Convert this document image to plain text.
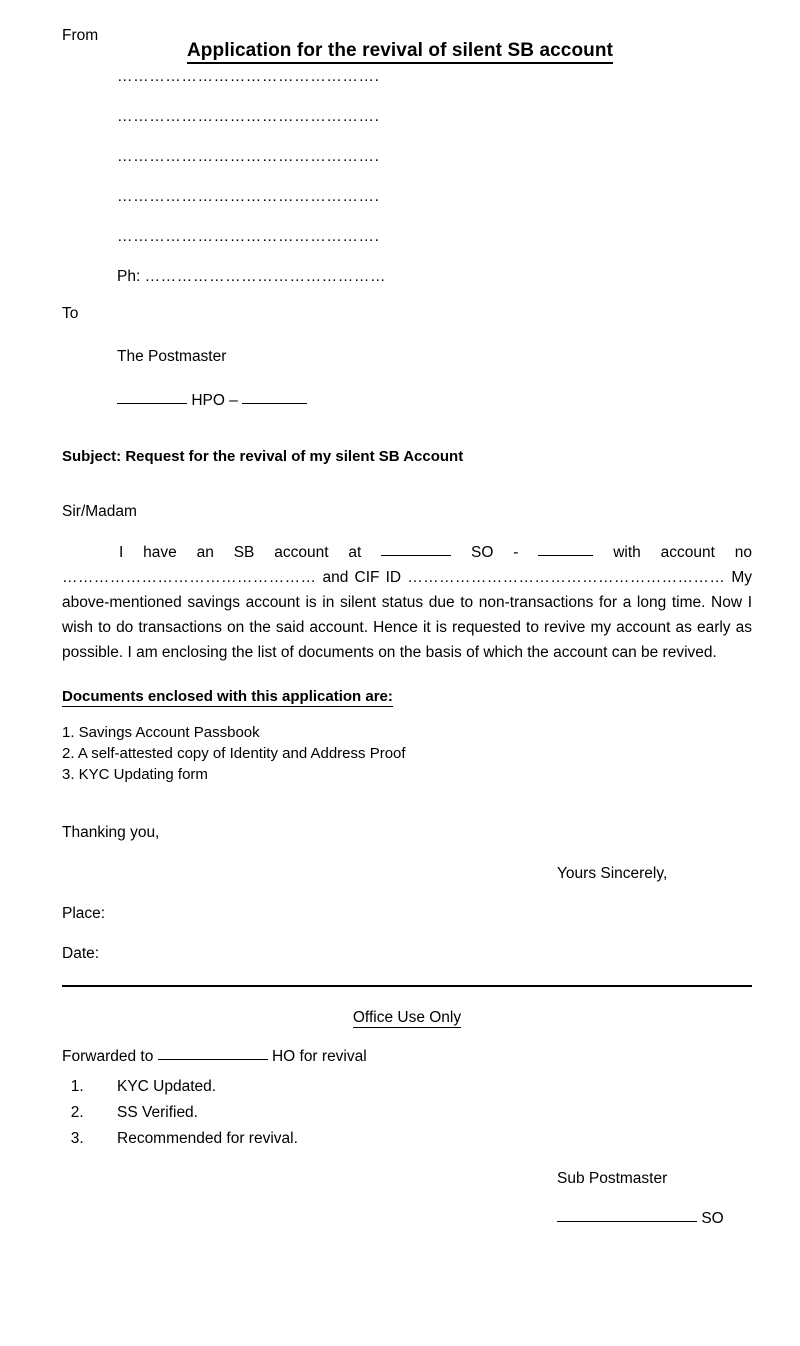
Application for the revival of silent SB account
From
………………………………………….
………………………………………….
………………………………………….
………………………………………….
………………………………………….
Ph: ………………………………………
To
The Postmaster
HPO –
Subject: Request for the revival of my silent SB Account
Sir/Madam
I have an SB account at	SO -	with account no ………………………………………… and CIF ID …………………………………………………… My above-mentioned savings account is in silent status due to non-transactions for a long time. Now I wish to do transactions on the said account. Hence it is requested to revive my account as early as possible. I am enclosing the list of documents on the basis of which the account can be revived.
Documents enclosed with this application are:
1. Savings Account Passbook
2. A self-attested copy of Identity and Address Proof
3. KYC Updating form
Thanking you,
Yours Sincerely,
Place:
Date:
Office Use Only
Forwarded to	HO for revival
1. KYC Updated.
2. SS Verified.
3. Recommended for revival.
Sub Postmaster
SO
